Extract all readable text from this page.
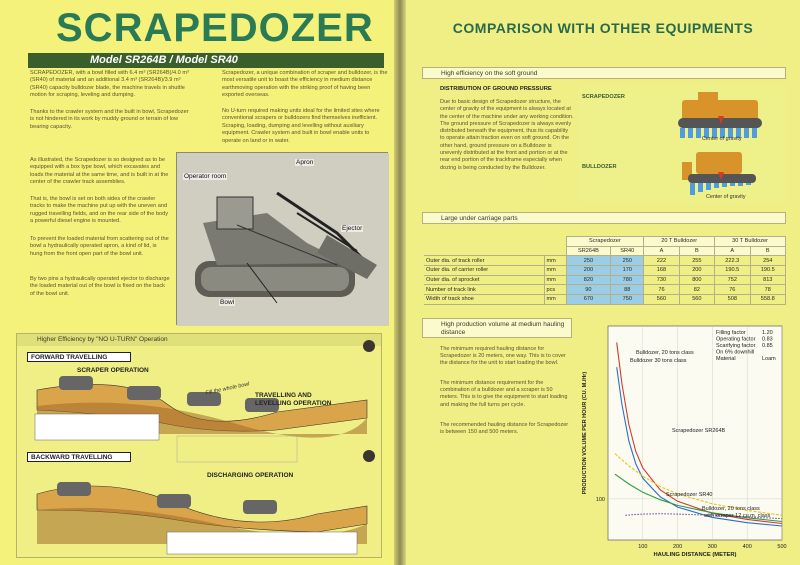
SCRAPEDOZER
Model SR264B / Model SR40
SCRAPEDOZER, with a bowl filled with 6.4 m³ (SR264B)/4.0 m³ (SR40) of material and an additional 3.4 m³ (SR264B)/3.9 m³ (SR40) capacity bulldozer blade, the machine travels in shuttle motion for scraping, leveling and dumping.
Thanks to the crawler system and the built in bowl, Scrapedozer is not hindered in its work by muddy ground or terrain of low bearing capacity.
Scrapedozer, a unique combination of scraper and bulldozer, is the most versatile unit to boast the efficiency in medium distance earthmoving operation with the striking proof of having been exported overseas.
No U-turn required making units ideal for the limited sites where conventional scrapers or bulldozers find themselves inefficient. Scraping, loading, dumping and levelling without auxiliary equipment. Crawler system and built in bowl enable units to operate on land or in water.
As illustrated, the Scrapedozer is so designed as to be equipped with a box type bowl, which excavates and loads the material at the same time, and is built in at the center of the crawler track assemblies.
That is, the bowl is set on both sides of the crawler tracks to make the machine put up with the uneven and rugged travelling fields, and on the rear side of the body a powerful diesel engine is mounted.
To prevent the loaded material from scattering out of the bowl a hydraulically operated apron, a kind of lid, is hung from the front open part of the bowl unit.
By two pins a hydraulically operated ejector to discharge the loaded material out of the bowl is fixed on the back of the bowl unit.
Operator room
Apron
Ejector
Bowl
Higher Efficiency by "NO U-TURN" Operation
FORWARD TRAVELLING
BACKWARD TRAVELLING
SCRAPER OPERATION
Fill the whole bowl TRAVELLING AND
LEVELLING OPERATION
DISCHARGING OPERATION
COMPARISON WITH OTHER EQUIPMENTS
High efficiency on the soft ground
DISTRIBUTION OF GROUND PRESSURE
Due to basic design of Scrapedozer structure, the center of gravity of the equipment is always located at the center of the machine under any working condition. The ground pressure of Scrapedozer is always evenly distributed beneath the equipment, thus its capability to operate attain traction even on soft ground. On the other hand, ground pressure on a Bulldozer is unevenly distributed at the front and portion or at the rear end portion of the trackframe especially when dozing is being conducted by the Bulldozer.
SCRAPEDOZER
Center of gravity
BULLDOZER
Center of gravity
Large under carriage parts
		Scrapedozer		20 T Bulldozer		30 T Bulldozer	
		SR264B	SR40	A	B	A	B
Outer dia. of track roller	mm	250	250	222	255	222.3	254
Outer dia. of carrier roller	mm	200	170	168	200	190.5	190.5
Outer dia. of sprocket	mm	820	780	730	800	752	813
Number of track link	pcs	90	88	76	82	76	78
Width of track shoe	mm	670	750	560	560	508	558.8
High production volume at medium hauling distance
The minimum required hauling distance for Scrapedozer is 20 meters, one way. This is to cover the distance for the unit to start loading the bowl.
The minimum distance requirement for the combination of a bulldozer and a scraper is 50 meters. This is to give the equipment to start loading and making the full turns per cycle.
The recommended hauling distance for Scrapedozer is between 150 and 500 meters.
100	200	300	400	500
100
HAULING DISTANCE (METER)
PRODUCTION VOLUME PER HOUR (CU. M./Hr)
Filling factor	1.20
Operating factor 0.83
Scarifying factor 0.85
On 6% downhill
Material	Loam
Bulldozer, 20 tons class
Bulldozer 30 tons class
Scrapedozer SR264B
Scrapedozer SR40
Bulldozer, 20 tons class
with scraper 12 cu.m. class
